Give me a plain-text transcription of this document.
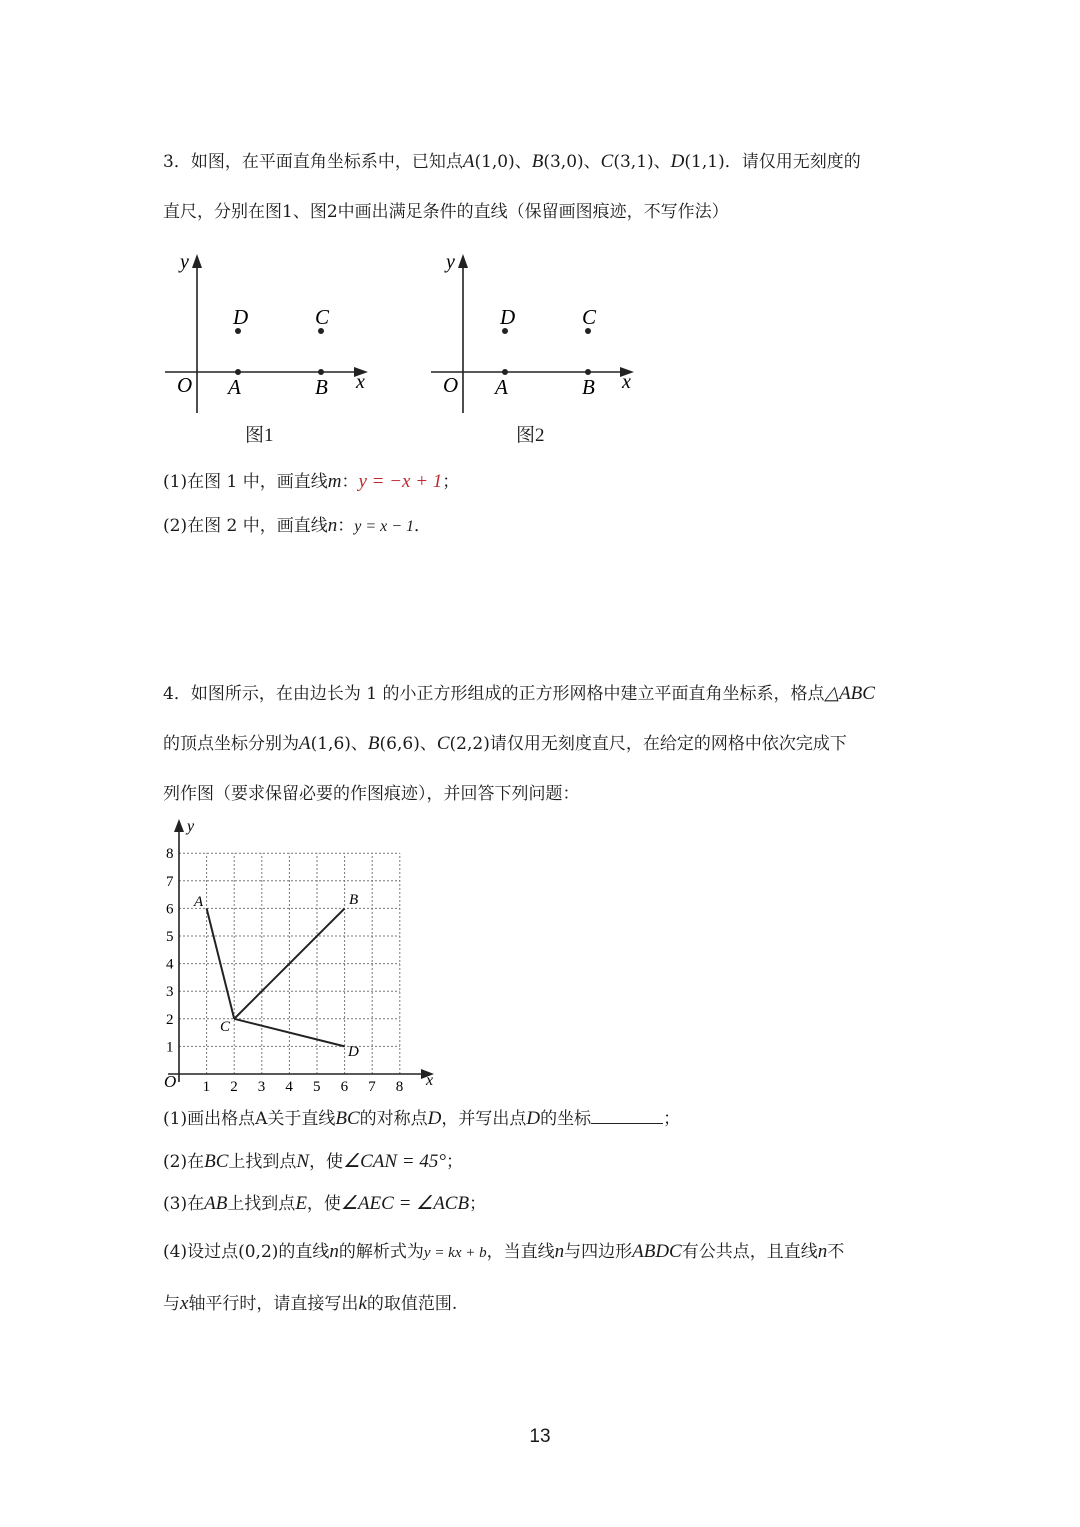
3．如图，在平面直角坐标系中，已知点A(1,0)、B(3,0)、C(3,1)、D(1,1)．请仅用无刻度的
直尺，分别在图1、图2中画出满足条件的直线（保留画图痕迹，不写作法）
y
x
O A	B
D	C
图1
y
x
O A	B
D	C
图2
(1)在图 1 中，画直线m：y = −x + 1；
(2)在图 2 中，画直线n：y = x − 1．
4．如图所示，在由边长为 1 的小正方形组成的正方形网格中建立平面直角坐标系，格点△ABC
的顶点坐标分别为A(1,6)、B(6,6)、C(2,2)请仅用无刻度直尺，在给定的网格中依次完成下
列作图（要求保留必要的作图痕迹），并回答下列问题：
y
x
O 1 2 3 4 5 6 7 8
1
2
3
4
5
6
7
8
A	B
C
D
(1)画出格点A关于直线BC的对称点D，并写出点D的坐标	；
(2)在BC上找到点N，使∠CAN = 45°；
(3)在AB上找到点E，使∠AEC = ∠ACB；
(4)设过点(0,2)的直线n的解析式为y = kx + b，当直线n与四边形ABDC有公共点，且直线n不
与x轴平行时，请直接写出k的取值范围.
13
